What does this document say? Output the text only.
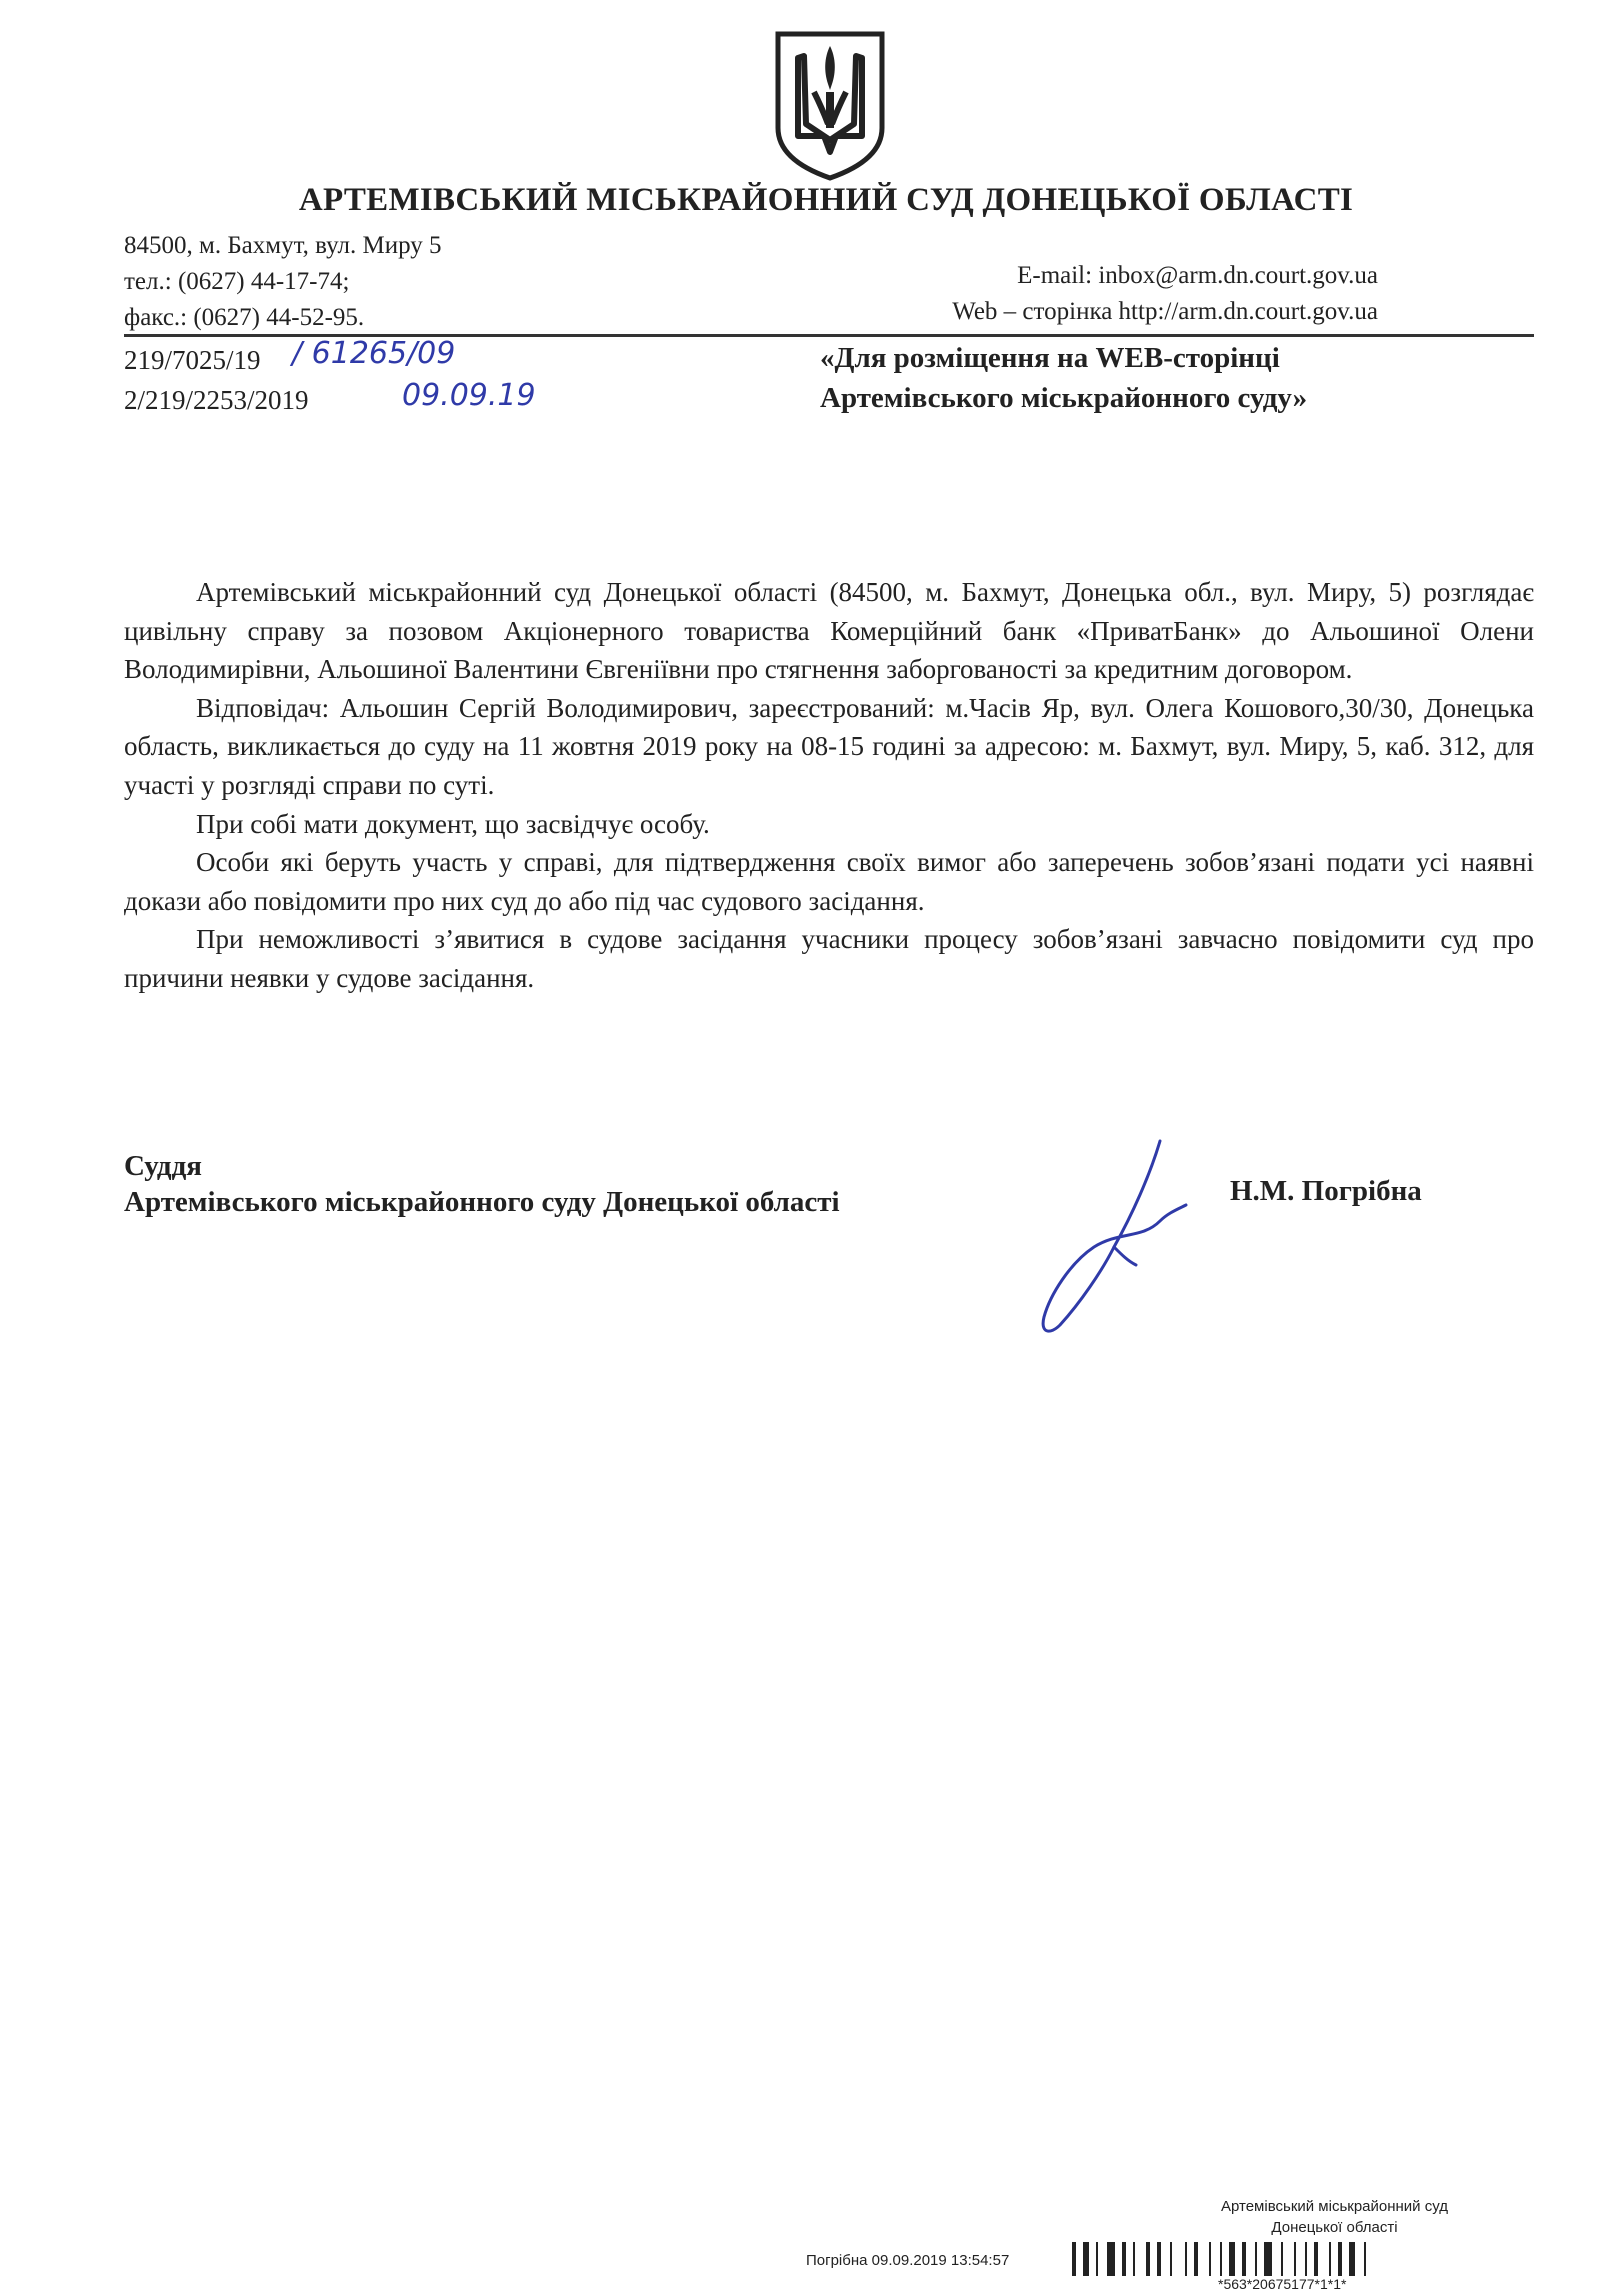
АРТЕМІВСЬКИЙ МІСЬКРАЙОННИЙ СУД ДОНЕЦЬКОЇ ОБЛАСТІ
84500, м. Бахмут, вул. Миру 5
тел.: (0627) 44-17-74;
факс.: (0627) 44-52-95.
E-mail: inbox@arm.dn.court.gov.ua
Web – сторінка http://arm.dn.court.gov.ua
219/7025/19
2/219/2253/2019
/ 61265/09
09.09.19
«Для розміщення на WEB-сторінці
Артемівського міськрайонного суду»

Артемівський міськрайонний суд Донецької області (84500, м. Бахмут, Донецька обл., вул. Миру, 5) розглядає цивільну справу за позовом Акціонерного товариства Комерційний банк «ПриватБанк» до Альошиної Олени Володимирівни, Альошиної Валентини Євгеніївни про стягнення заборгованості за кредитним договором.

Відповідач: Альошин Сергій Володимирович, зареєстрований: м.Часів Яр, вул. Олега Кошового,30/30, Донецька область, викликається до суду на 11 жовтня 2019 року на 08-15 годині за адресою: м. Бахмут, вул. Миру, 5, каб. 312, для участі у розгляді справи по суті.

При собі мати документ, що засвідчує особу.

Особи які беруть участь у справі, для підтвердження своїх вимог або заперечень зобов’язані подати усі наявні докази або повідомити про них суд до або під час судового засідання.

При неможливості з’явитися в судове засідання учасники процесу зобов’язані завчасно повідомити суд про причини неявки у судове засідання.

Суддя
Артемівського міськрайонного суду Донецької області	Н.М. Погрібна
Артемівський міськрайонний суд
Донецької області
Погрібна 09.09.2019 13:54:57
*563*20675177*1*1*
